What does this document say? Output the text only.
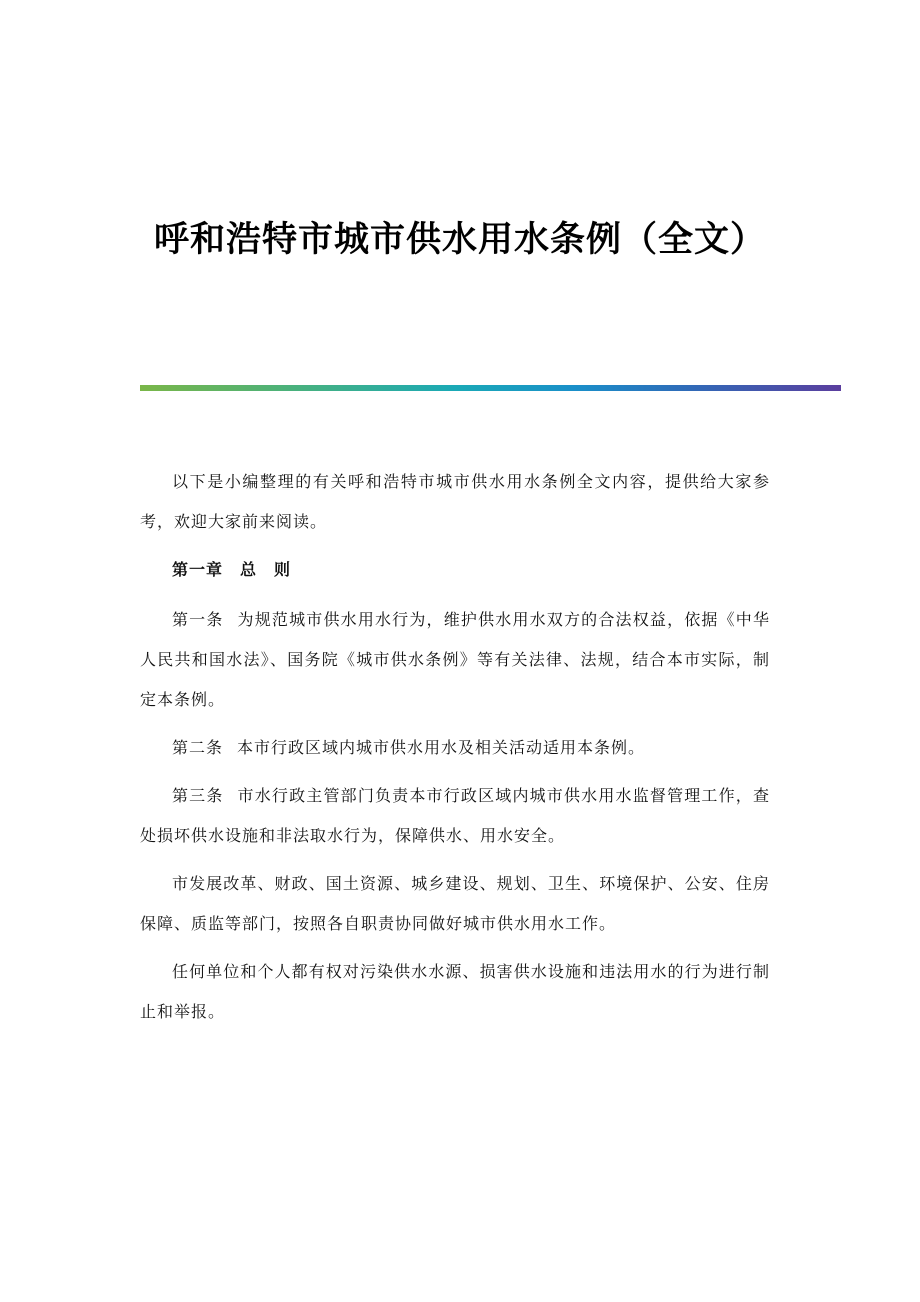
呼和浩特市城市供水用水条例（全文）

以下是小编整理的有关呼和浩特市城市供水用水条例全文内容，提供给大家参考，欢迎大家前来阅读。

第一章　总　则

第一条 为规范城市供水用水行为，维护供水用水双方的合法权益，依据《中华人民共和国水法》、国务院《城市供水条例》等有关法律、法规，结合本市实际，制定本条例。

第二条 本市行政区域内城市供水用水及相关活动适用本条例。

第三条 市水行政主管部门负责本市行政区域内城市供水用水监督管理工作，查处损坏供水设施和非法取水行为，保障供水、用水安全。

市发展改革、财政、国土资源、城乡建设、规划、卫生、环境保护、公安、住房保障、质监等部门，按照各自职责协同做好城市供水用水工作。

任何单位和个人都有权对污染供水水源、损害供水设施和违法用水的行为进行制止和举报。
